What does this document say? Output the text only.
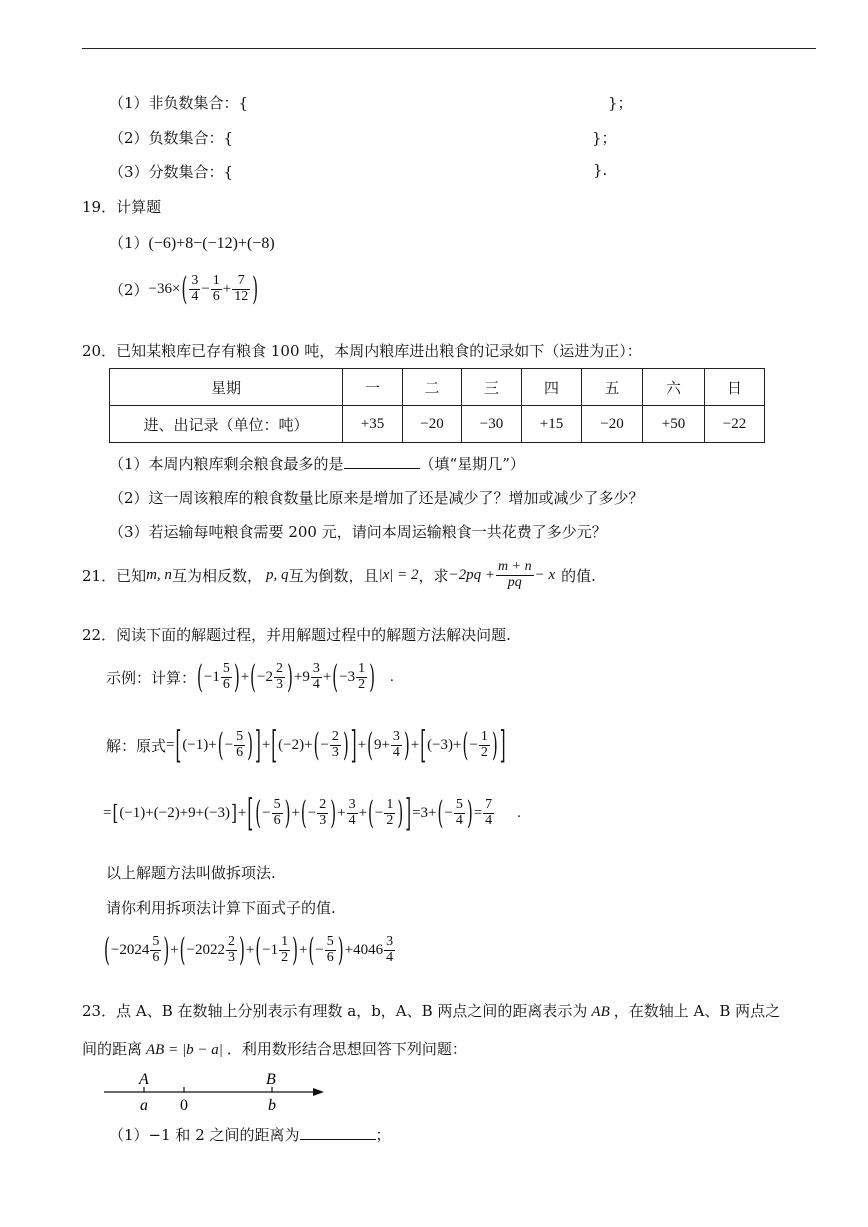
（1）非负数集合：{	}；
（2）负数集合：{	}；
（3）分数集合：{	}.
19．计算题
（1）(−6)+8−(−12)+(−8)
$(2)-36\times( \frac{3}{4} - \frac{1}{6} + \frac{7}{12}$ )
20．已知某粮库已存有粮食 100 吨，本周内粮库进出粮食的记录如下（运进为正）：
星期	一	二	三	四	五	六	日
进、出记录（单位：吨）	+35	−20	−30	+15	−20	+50	−22
（1）本周内粮库剩余粮食最多的是	（填“星期几”）
（2）这一周该粮库的粮食数量比原来是增加了还是减少了？增加或减少了多少？
（3）若运输每吨粮食需要 200 元，请问本周运输粮食一共花费了多少元？
21．已知m, n互为相反数， p, q互为倒数，且|x| = 2，求$-2pq + \frac{m + n}{pq} - x$ 的值.
22．阅读下面的解题过程，并用解题过程中的解题方法解决问题.
示例：计算：$(-1 \frac{5}{6} )+(-2 \frac{2}{3} )+9 \frac{3}{4} +(-3 \frac{1}{2}$ ) .
解：原式$=[(-1)+(- \frac{5}{6}$ ) ]$+[(-2)+(- \frac{2}{3}$ ) ]$+(9+ \frac{3}{4} )+[(-3)+(- \frac{1}{2}$ ) ]
=[(−1)+(−2)+9+(−3)]+[ (− $\frac{5}{6}$ )+(− $\frac{2}{3}$ )+ $\frac{3}{4}$ +(− $\frac{1}{2}$ ) ]$=3+(- \frac{5}{4}$ )= $\frac{7}{4}$ .
以上解题方法叫做拆项法.
请你利用拆项法计算下面式子的值.
$(-2024 \frac{5}{6} )+(-2022 \frac{2}{3} )+(-1 \frac{1}{2}$ )+(− $\frac{5}{6} )+4046 \frac{3}{4}$
23．点 A、B 在数轴上分别表示有理数 a，b，A、B 两点之间的距离表示为 AB ，在数轴上 A、B 两点之
间的距离 AB = |b − a| ．利用数形结合思想回答下列问题：
A	B
a 0	b
（1）−1 和 2 之间的距离为	；
